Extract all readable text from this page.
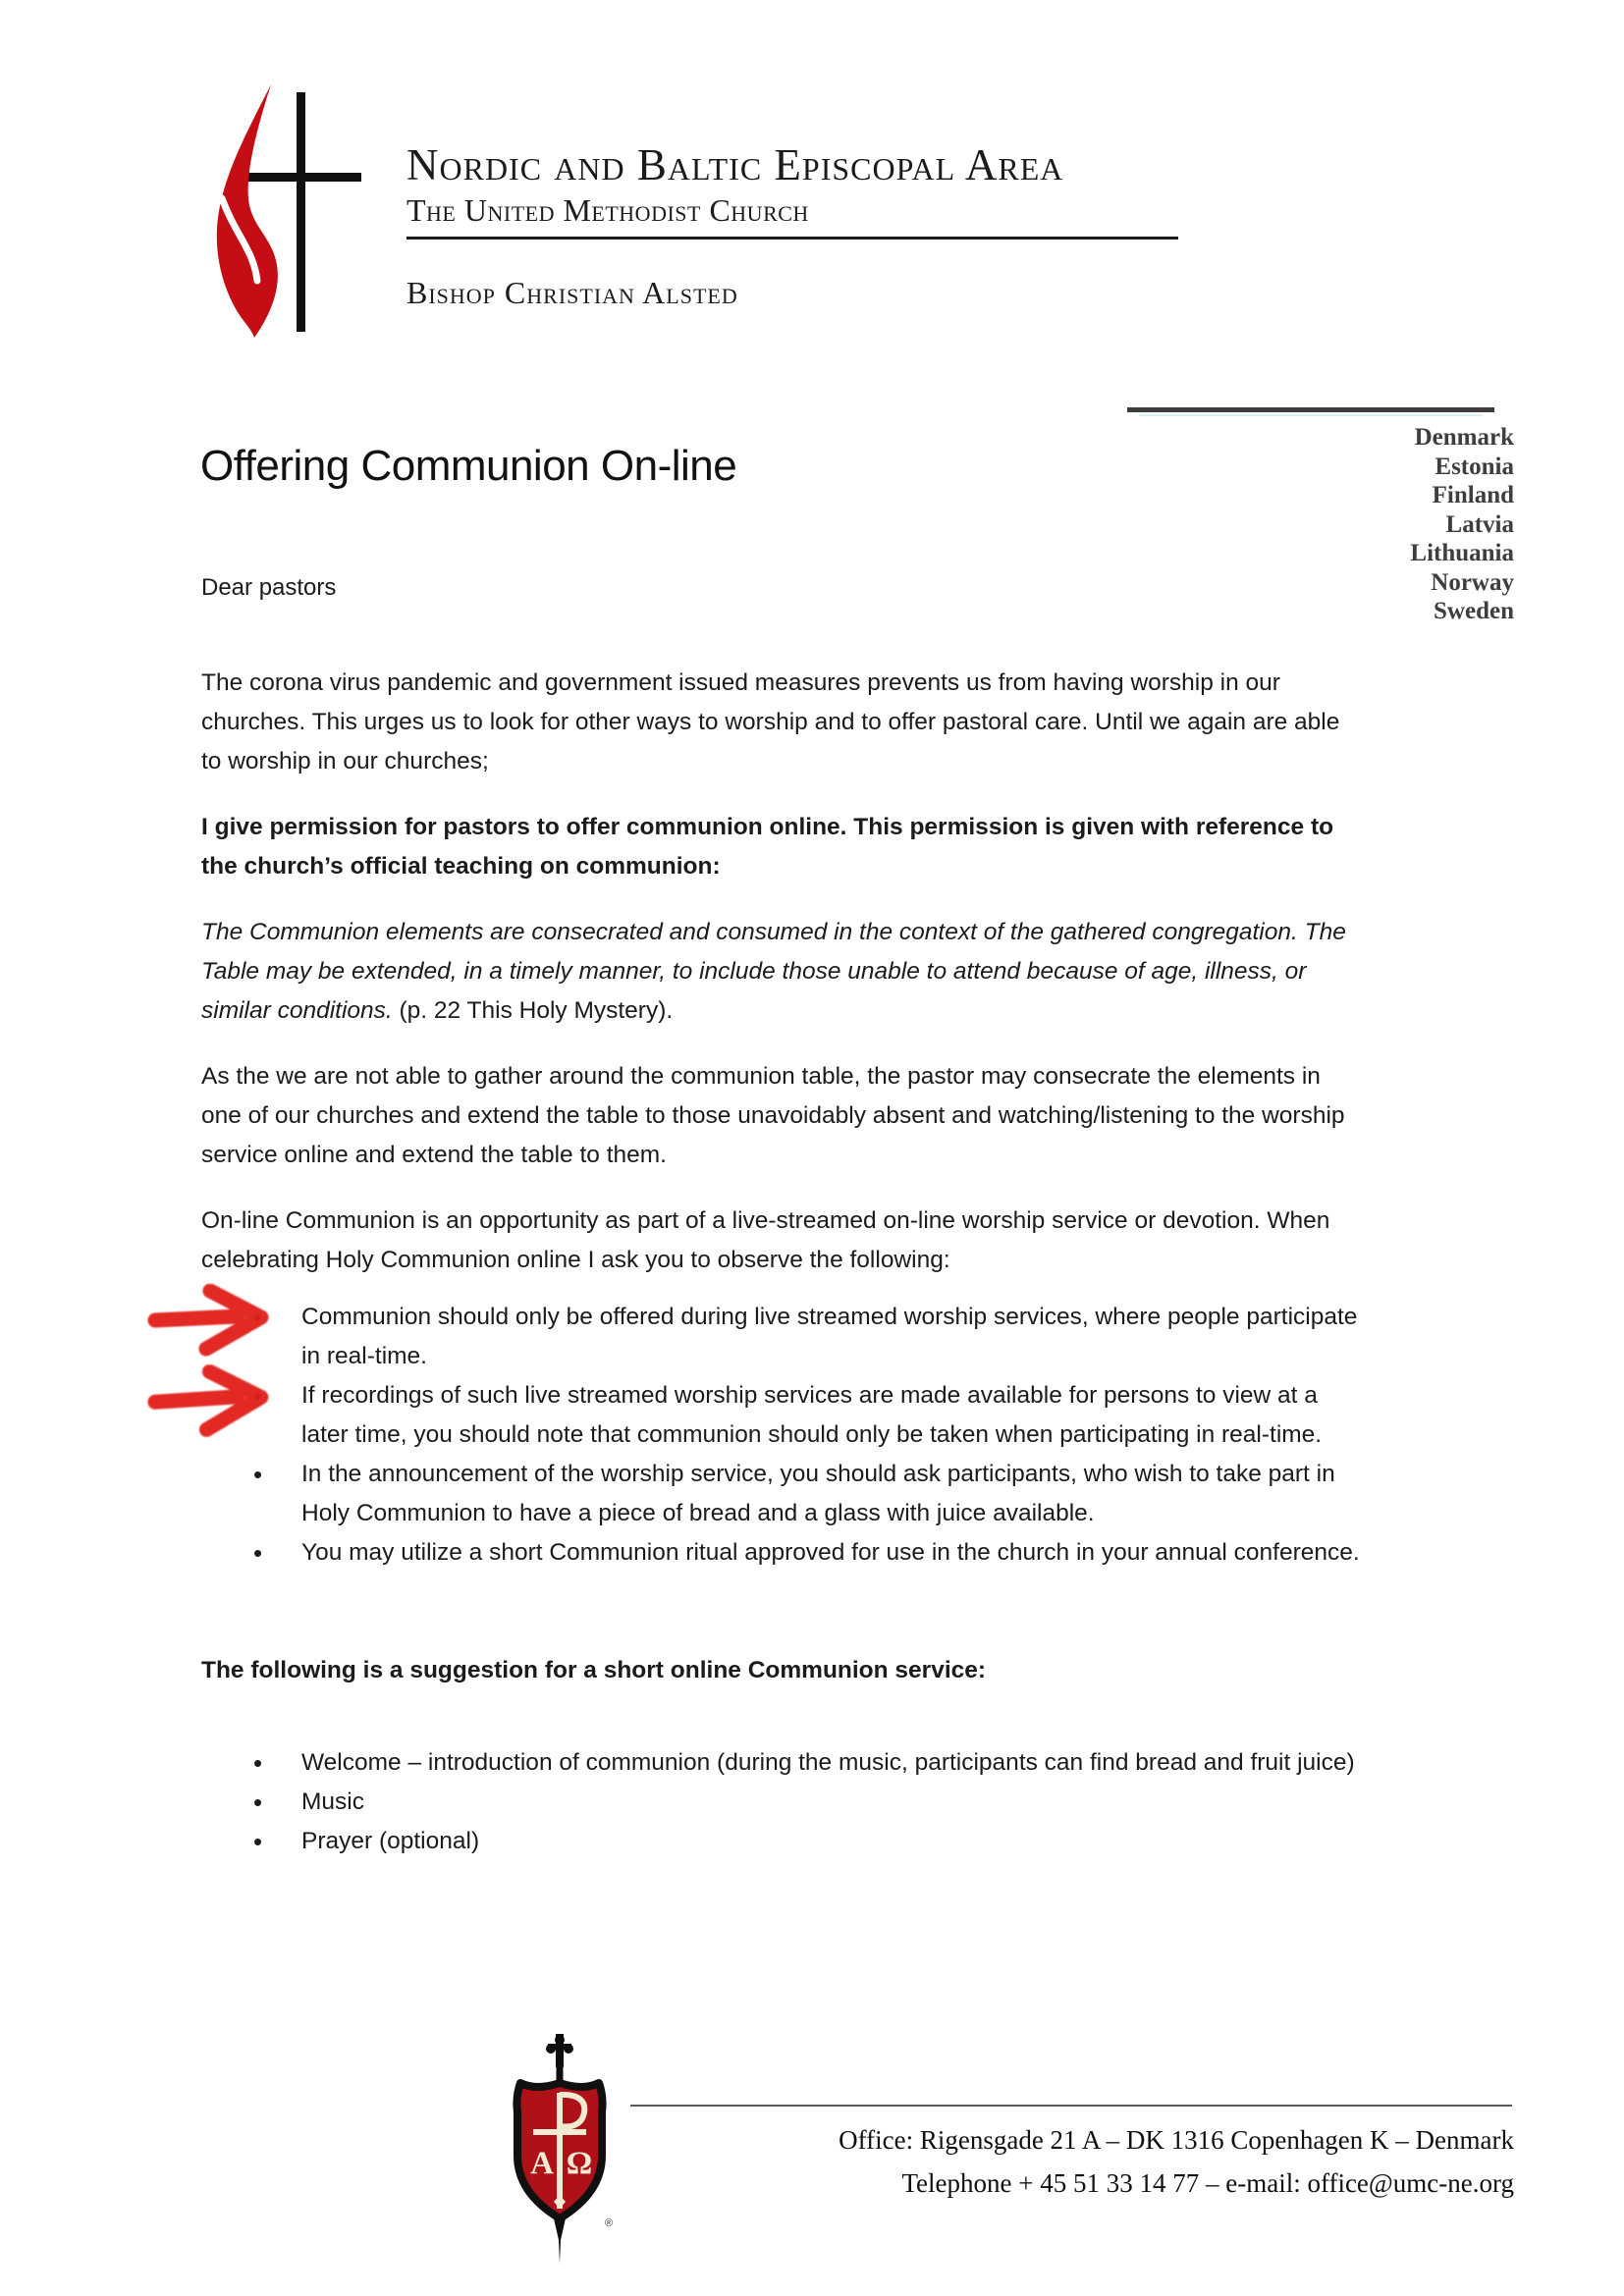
Nordic and Baltic Episcopal Area
The United Methodist Church
Bishop Christian Alsted
Denmark
Estonia
Finland
Latvia
Lithuania
Norway
Sweden
Offering Communion On-line
Dear pastors

The corona virus pandemic and government issued measures prevents us from having worship in our churches. This urges us to look for other ways to worship and to offer pastoral care. Until we again are able to worship in our churches;

I give permission for pastors to offer communion online. This permission is given with reference to the church’s official teaching on communion:

The Communion elements are consecrated and consumed in the context of the gathered congregation. The Table may be extended, in a timely manner, to include those unable to attend because of age, illness, or similar conditions. (p. 22 This Holy Mystery).

As the we are not able to gather around the communion table, the pastor may consecrate the elements in one of our churches and extend the table to those unavoidably absent and watching/listening to the worship service online and extend the table to them.

On-line Communion is an opportunity as part of a live-streamed on-line worship service or devotion. When celebrating Holy Communion online I ask you to observe the following:

• Communion should only be offered during live streamed worship services, where people participate in real-time.
• If recordings of such live streamed worship services are made available for persons to view at a later time, you should note that communion should only be taken when participating in real-time.
• In the announcement of the worship service, you should ask participants, who wish to take part in Holy Communion to have a piece of bread and a glass with juice available.
• You may utilize a short Communion ritual approved for use in the church in your annual conference.

The following is a suggestion for a short online Communion service:

• Welcome – introduction of communion (during the music, participants can find bread and fruit juice)
• Music
• Prayer (optional)
Α Ω
®
Office: Rigensgade 21 A – DK 1316 Copenhagen K – Denmark
Telephone + 45 51 33 14 77 – e-mail: office@umc-ne.org
